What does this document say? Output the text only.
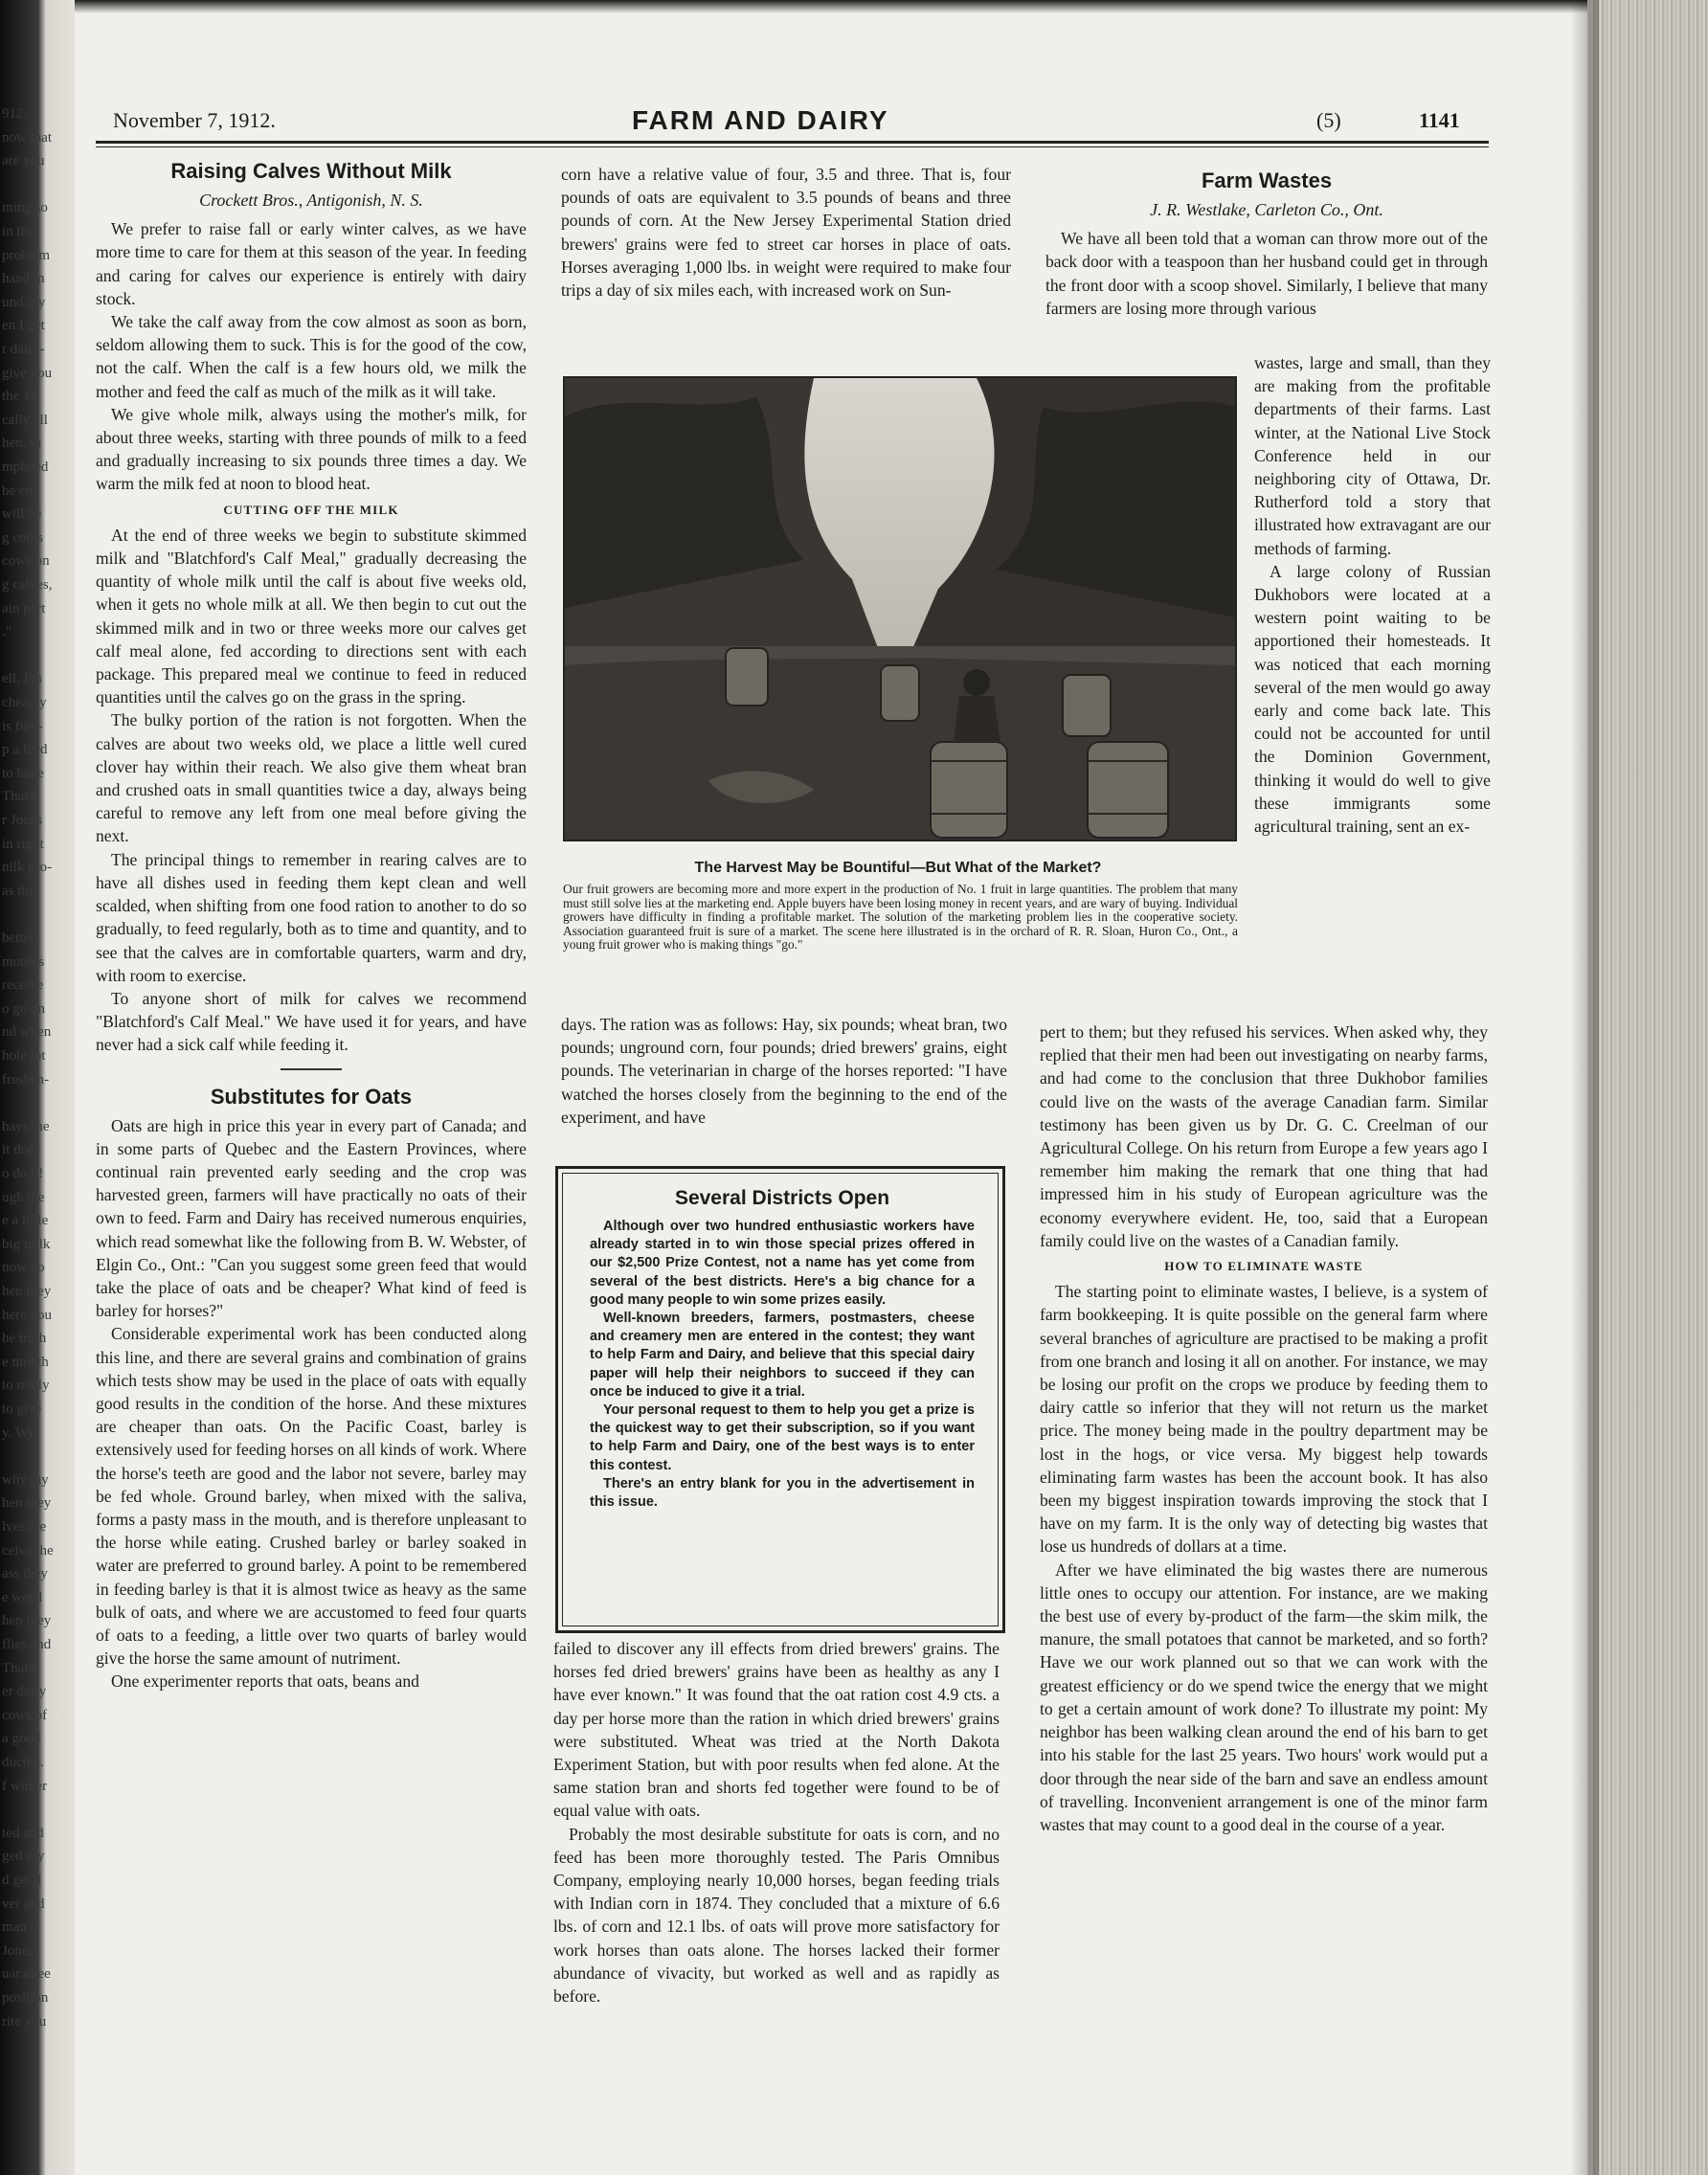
912.
now that
are you
ming so
in the
problem
hand in
und my
en I get
r dairy-
give you
the 11
cally all
hen, in
mpleted
be en-
will be
g coms
cows on
g calves,
ain part
."
ell, I'm
cheaply
is first-
p a feed
to have
That's
r Jones
in right
nilk pro-
as the
better
months
receive
o go on
nd when
hole lot
freshen-
bays me
it does
o do it!
ugh the
e a little
big milk
now do
hen they
here you
he truth
e month
to really
to give
y. Wy.
why my
hen they
lves are
ceive the
ass they
e weed
hen they
flies and
That's
er dairy
cows of
a good
ducted.
f winter
ted and
ged my
d get d
ver and
man b
Jones
uarantee
position
rite you
November 7, 1912.	FARM AND DAIRY	(5)	1141
Raising Calves Without Milk
Crockett Bros., Antigonish, N. S.

We prefer to raise fall or early winter calves, as we have more time to care for them at this season of the year. In feeding and caring for calves our experience is entirely with dairy stock.

We take the calf away from the cow almost as soon as born, seldom allowing them to suck. This is for the good of the cow, not the calf. When the calf is a few hours old, we milk the mother and feed the calf as much of the milk as it will take.

We give whole milk, always using the mother's milk, for about three weeks, starting with three pounds of milk to a feed and gradually increasing to six pounds three times a day. We warm the milk fed at noon to blood heat.

CUTTING OFF THE MILK

At the end of three weeks we begin to substitute skimmed milk and "Blatchford's Calf Meal," gradually decreasing the quantity of whole milk until the calf is about five weeks old, when it gets no whole milk at all. We then begin to cut out the skimmed milk and in two or three weeks more our calves get calf meal alone, fed according to directions sent with each package. This prepared meal we continue to feed in reduced quantities until the calves go on the grass in the spring.

The bulky portion of the ration is not forgotten. When the calves are about two weeks old, we place a little well cured clover hay within their reach. We also give them wheat bran and crushed oats in small quantities twice a day, always being careful to remove any left from one meal before giving the next.

The principal things to remember in rearing calves are to have all dishes used in feeding them kept clean and well scalded, when shifting from one food ration to another to do so gradually, to feed regularly, both as to time and quantity, and to see that the calves are in comfortable quarters, warm and dry, with room to exercise.

To anyone short of milk for calves we recommend "Blatchford's Calf Meal." We have used it for years, and have never had a sick calf while feeding it.

Substitutes for Oats

Oats are high in price this year in every part of Canada; and in some parts of Quebec and the Eastern Provinces, where continual rain prevented early seeding and the crop was harvested green, farmers will have practically no oats of their own to feed. Farm and Dairy has received numerous enquiries, which read somewhat like the following from B. W. Webster, of Elgin Co., Ont.: "Can you suggest some green feed that would take the place of oats and be cheaper? What kind of feed is barley for horses?"

Considerable experimental work has been conducted along this line, and there are several grains and combination of grains which tests show may be used in the place of oats with equally good results in the condition of the horse. And these mixtures are cheaper than oats. On the Pacific Coast, barley is extensively used for feeding horses on all kinds of work. Where the horse's teeth are good and the labor not severe, barley may be fed whole. Ground barley, when mixed with the saliva, forms a pasty mass in the mouth, and is therefore unpleasant to the horse while eating. Crushed barley or barley soaked in water are preferred to ground barley. A point to be remembered in feeding barley is that it is almost twice as heavy as the same bulk of oats, and where we are accustomed to feed four quarts of oats to a feeding, a little over two quarts of barley would give the horse the same amount of nutriment.

One experimenter reports that oats, beans and

corn have a relative value of four, 3.5 and three. That is, four pounds of oats are equivalent to 3.5 pounds of beans and three pounds of corn. At the New Jersey Experimental Station dried brewers' grains were fed to street car horses in place of oats. Horses averaging 1,000 lbs. in weight were required to make four trips a day of six miles each, with increased work on Sun-

The Harvest May be Bountiful—But What of the Market?
Our fruit growers are becoming more and more expert in the production of No. 1 fruit in large quantities. The problem that many must still solve lies at the marketing end. Apple buyers have been losing money in recent years, and are wary of buying. Individual growers have difficulty in finding a profitable market. The solution of the marketing problem lies in the cooperative society. Association guaranteed fruit is sure of a market. The scene here illustrated is in the orchard of R. R. Sloan, Huron Co., Ont., a young fruit grower who is making things "go."

days. The ration was as follows: Hay, six pounds; wheat bran, two pounds; unground corn, four pounds; dried brewers' grains, eight pounds. The veterinarian in charge of the horses reported: "I have watched the horses closely from the beginning to the end of the experiment, and have

Several Districts Open

Although over two hundred enthusiastic workers have already started in to win those special prizes offered in our $2,500 Prize Contest, not a name has yet come from several of the best districts. Here's a big chance for a good many people to win some prizes easily.

Well-known breeders, farmers, postmasters, cheese and creamery men are entered in the contest; they want to help Farm and Dairy, and believe that this special dairy paper will help their neighbors to succeed if they can once be induced to give it a trial.

Your personal request to them to help you get a prize is the quickest way to get their subscription, so if you want to help Farm and Dairy, one of the best ways is to enter this contest.

There's an entry blank for you in the advertisement in this issue.

failed to discover any ill effects from dried brewers' grains. The horses fed dried brewers' grains have been as healthy as any I have ever known." It was found that the oat ration cost 4.9 cts. a day per horse more than the ration in which dried brewers' grains were substituted. Wheat was tried at the North Dakota Experiment Station, but with poor results when fed alone. At the same station bran and shorts fed together were found to be of equal value with oats.

Probably the most desirable substitute for oats is corn, and no feed has been more thoroughly tested. The Paris Omnibus Company, employing nearly 10,000 horses, began feeding trials with Indian corn in 1874. They concluded that a mixture of 6.6 lbs. of corn and 12.1 lbs. of oats will prove more satisfactory for work horses than oats alone. The horses lacked their former abundance of vivacity, but worked as well and as rapidly as before.

Farm Wastes
J. R. Westlake, Carleton Co., Ont.

We have all been told that a woman can throw more out of the back door with a teaspoon than her husband could get in through the front door with a scoop shovel. Similarly, I believe that many farmers are losing more through various

wastes, large and small, than they are making from the profitable departments of their farms. Last winter, at the National Live Stock Conference held in our neighboring city of Ottawa, Dr. Rutherford told a story that illustrated how extravagant are our methods of farming.

A large colony of Russian Dukhobors were located at a western point waiting to be apportioned their homesteads. It was noticed that each morning several of the men would go away early and come back late. This could not be accounted for until the Dominion Government, thinking it would do well to give these immigrants some agricultural training, sent an ex-

pert to them; but they refused his services. When asked why, they replied that their men had been out investigating on nearby farms, and had come to the conclusion that three Dukhobor families could live on the wasts of the average Canadian farm. Similar testimony has been given us by Dr. G. C. Creelman of our Agricultural College. On his return from Europe a few years ago I remember him making the remark that one thing that had impressed him in his study of European agriculture was the economy everywhere evident. He, too, said that a European family could live on the wastes of a Canadian family.

HOW TO ELIMINATE WASTE

The starting point to eliminate wastes, I believe, is a system of farm bookkeeping. It is quite possible on the general farm where several branches of agriculture are practised to be making a profit from one branch and losing it all on another. For instance, we may be losing our profit on the crops we produce by feeding them to dairy cattle so inferior that they will not return us the market price. The money being made in the poultry department may be lost in the hogs, or vice versa. My biggest help towards eliminating farm wastes has been the account book. It has also been my biggest inspiration towards improving the stock that I have on my farm. It is the only way of detecting big wastes that lose us hundreds of dollars at a time.

After we have eliminated the big wastes there are numerous little ones to occupy our attention. For instance, are we making the best use of every by-product of the farm—the skim milk, the manure, the small potatoes that cannot be marketed, and so forth? Have we our work planned out so that we can work with the greatest efficiency or do we spend twice the energy that we might to get a certain amount of work done? To illustrate my point: My neighbor has been walking clean around the end of his barn to get into his stable for the last 25 years. Two hours' work would put a door through the near side of the barn and save an endless amount of travelling. Inconvenient arrangement is one of the minor farm wastes that may count to a good deal in the course of a year.
